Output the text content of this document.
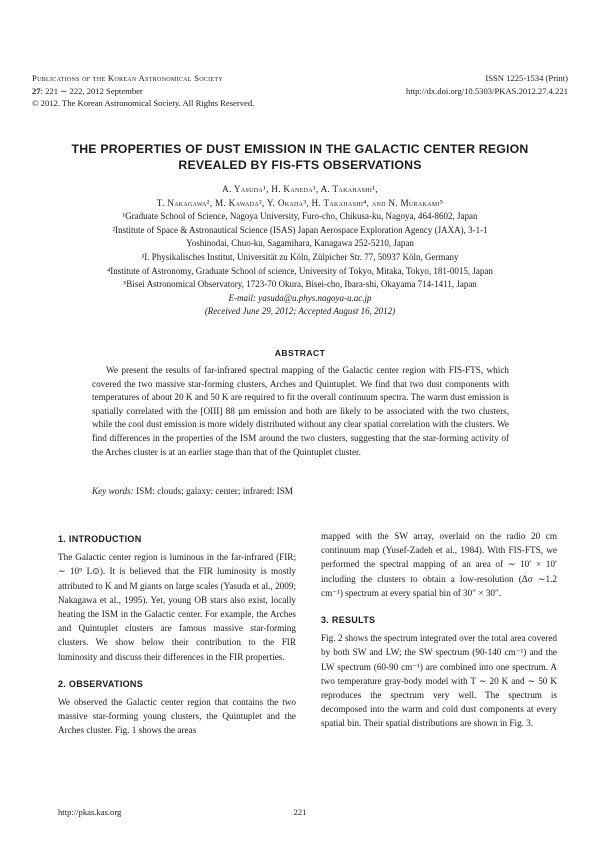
Publications of the Korean Astronomical Society
27: 221 ∼ 222, 2012 September
© 2012. The Korean Astronomical Society. All Rights Reserved.
ISSN 1225-1534 (Print)
http://dx.doi.org/10.5303/PKAS.2012.27.4.221
THE PROPERTIES OF DUST EMISSION IN THE GALACTIC CENTER REGION
REVEALED BY FIS-FTS OBSERVATIONS
A. Yasuda¹, H. Kaneda¹, A. Takahashi¹,
T. Nakagawa², M. Kawada², Y. Okada³, H. Takahashi⁴, and N. Murakami⁵
¹Graduate School of Science, Nagoya University, Furo-cho, Chikusa-ku, Nagoya, 464-8602, Japan
²Institute of Space & Astronautical Science (ISAS) Japan Aerospace Exploration Agency (JAXA), 3-1-1
Yoshinodai, Chuo-ku, Sagamihara, Kanagawa 252-5210, Japan
³I. Physikalisches Institut, Universität zu Köln, Zülpicher Str. 77, 50937 Köln, Germany
⁴Institute of Astronomy, Graduate School of science, University of Tokyo, Mitaka, Tokyo, 181-0015, Japan
⁵Bisei Astronomical Observatory, 1723-70 Okura, Bisei-cho, Ibara-shi, Okayama 714-1411, Japan
E-mail: yasuda@u.phys.nagoya-u.ac.jp
(Received June 29, 2012; Accepted August 16, 2012)
ABSTRACT
We present the results of far-infrared spectral mapping of the Galactic center region with FIS-FTS, which covered the two massive star-forming clusters, Arches and Quintuplet. We find that two dust components with temperatures of about 20 K and 50 K are required to fit the overall continuum spectra. The warm dust emission is spatially correlated with the [OIII] 88 μm emission and both are likely to be associated with the two clusters, while the cool dust emission is more widely distributed without any clear spatial correlation with the clusters. We find differences in the properties of the ISM around the two clusters, suggesting that the star-forming activity of the Arches cluster is at an earlier stage than that of the Quintuplet cluster.
Key words: ISM: clouds; galaxy: center; infrared: ISM
1. INTRODUCTION

The Galactic center region is luminous in the far-infrared (FIR; ∼ 10⁹ L⊙). It is believed that the FIR luminosity is mostly attributed to K and M giants on large scales (Yasuda et al., 2009; Nakagawa et al., 1995). Yet, young OB stars also exist, locally heating the ISM in the Galactic center. For example, the Arches and Quintuplet clusters are famous massive star-forming clusters. We show below their contribution to the FIR luminosity and discuss their differences in the FIR properties.

2. OBSERVATIONS

We observed the Galactic center region that contains the two massive star-forming young clusters, the Quintuplet and the Arches cluster. Fig. 1 shows the areas

mapped with the SW array, overlaid on the radio 20 cm continuum map (Yusef-Zadeh et al., 1984). With FIS-FTS, we performed the spectral mapping of an area of ∼ 10′ × 10′ including the clusters to obtain a low-resolution (Δσ ∼1.2 cm⁻¹) spectrum at every spatial bin of 30″ × 30″.

3. RESULTS

Fig. 2 shows the spectrum integrated over the total area covered by both SW and LW; the SW spectrum (90-140 cm⁻¹) and the LW spectrum (60-90 cm⁻¹) are combined into one spectrum. A two temperature gray-body model with T ∼ 20 K and ∼ 50 K reproduces the spectrum very well. The spectrum is decomposed into the warm and cold dust components at every spatial bin. Their spatial distributions are shown in Fig. 3.

http://pkas.kas.org	221
